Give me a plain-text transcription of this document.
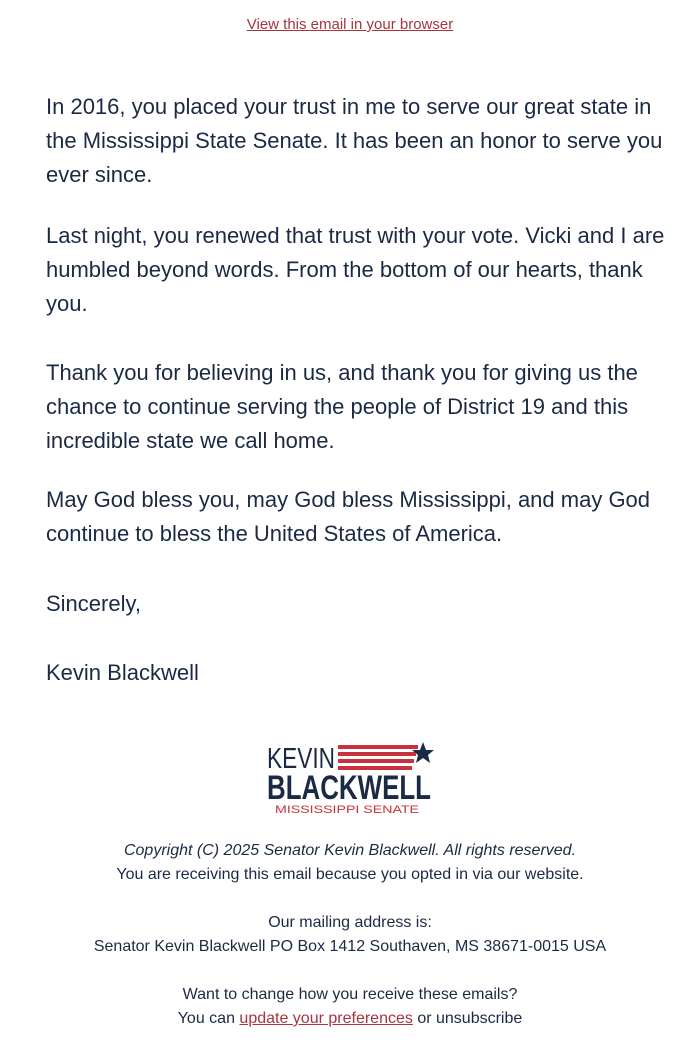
View this email in your browser
In 2016, you placed your trust in me to serve our great state in the Mississippi State Senate. It has been an honor to serve you ever since.
Last night, you renewed that trust with your vote. Vicki and I are humbled beyond words. From the bottom of our hearts, thank you.
Thank you for believing in us, and thank you for giving us the chance to continue serving the people of District 19 and this incredible state we call home.
May God bless you, may God bless Mississippi, and may God continue to bless the United States of America.
Sincerely,
Kevin Blackwell
KEVIN
BLACKWELL
MISSISSIPPI SENATE
Copyright (C) 2025 Senator Kevin Blackwell. All rights reserved.
You are receiving this email because you opted in via our website.
Our mailing address is:
Senator Kevin Blackwell PO Box 1412 Southaven, MS 38671-0015 USA
Want to change how you receive these emails?
You can update your preferences or unsubscribe
